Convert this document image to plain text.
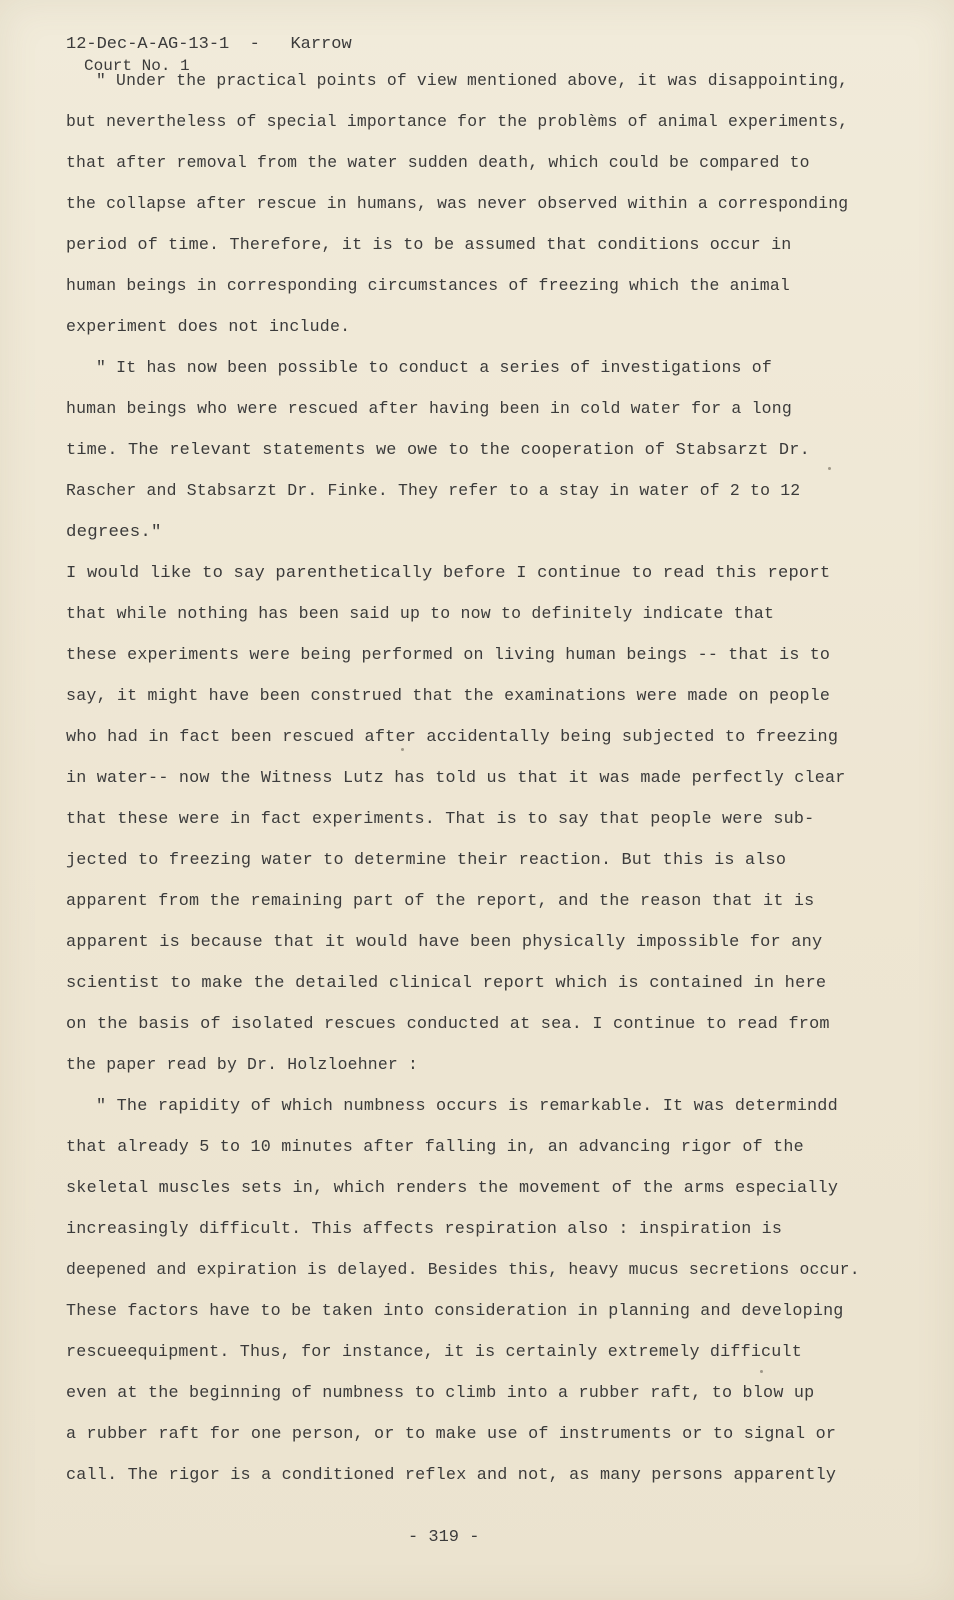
12-Dec-A-AG-13-1 - Karrow
Court No. 1
" Under the practical points of view mentioned above, it was disappointing,
but nevertheless of special importance for the problèms of animal experiments,
that after removal from the water sudden death, which could be compared to
the collapse after rescue in humans, was never observed within a corresponding
period of time. Therefore, it is to be assumed that conditions occur in
human beings in corresponding circumstances of freezing which the animal
experiment does not include.
" It has now been possible to conduct a series of investigations of
human beings who were rescued after having been in cold water for a long
time. The relevant statements we owe to the cooperation of Stabsarzt Dr.
Rascher and Stabsarzt Dr. Finke. They refer to a stay in water of 2 to 12
degrees."
I would like to say parenthetically before I continue to read this report
that while nothing has been said up to now to definitely indicate that
these experiments were being performed on living human beings -- that is to
say, it might have been construed that the examinations were made on people
who had in fact been rescued after accidentally being subjected to freezing
in water-- now the Witness Lutz has told us that it was made perfectly clear
that these were in fact experiments. That is to say that people were sub-
jected to freezing water to determine their reaction. But this is also
apparent from the remaining part of the report, and the reason that it is
apparent is because that it would have been physically impossible for any
scientist to make the detailed clinical report which is contained in here
on the basis of isolated rescues conducted at sea. I continue to read from
the paper read by Dr. Holzloehner :
" The rapidity of which numbness occurs is remarkable. It was determindd
that already 5 to 10 minutes after falling in, an advancing rigor of the
skeletal muscles sets in, which renders the movement of the arms especially
increasingly difficult. This affects respiration also : inspiration is
deepened and expiration is delayed. Besides this, heavy mucus secretions occur.
These factors have to be taken into consideration in planning and developing
rescueequipment. Thus, for instance, it is certainly extremely difficult
even at the beginning of numbness to climb into a rubber raft, to blow up
a rubber raft for one person, or to make use of instruments or to signal or
call. The rigor is a conditioned reflex and not, as many persons apparently
- 319 -
